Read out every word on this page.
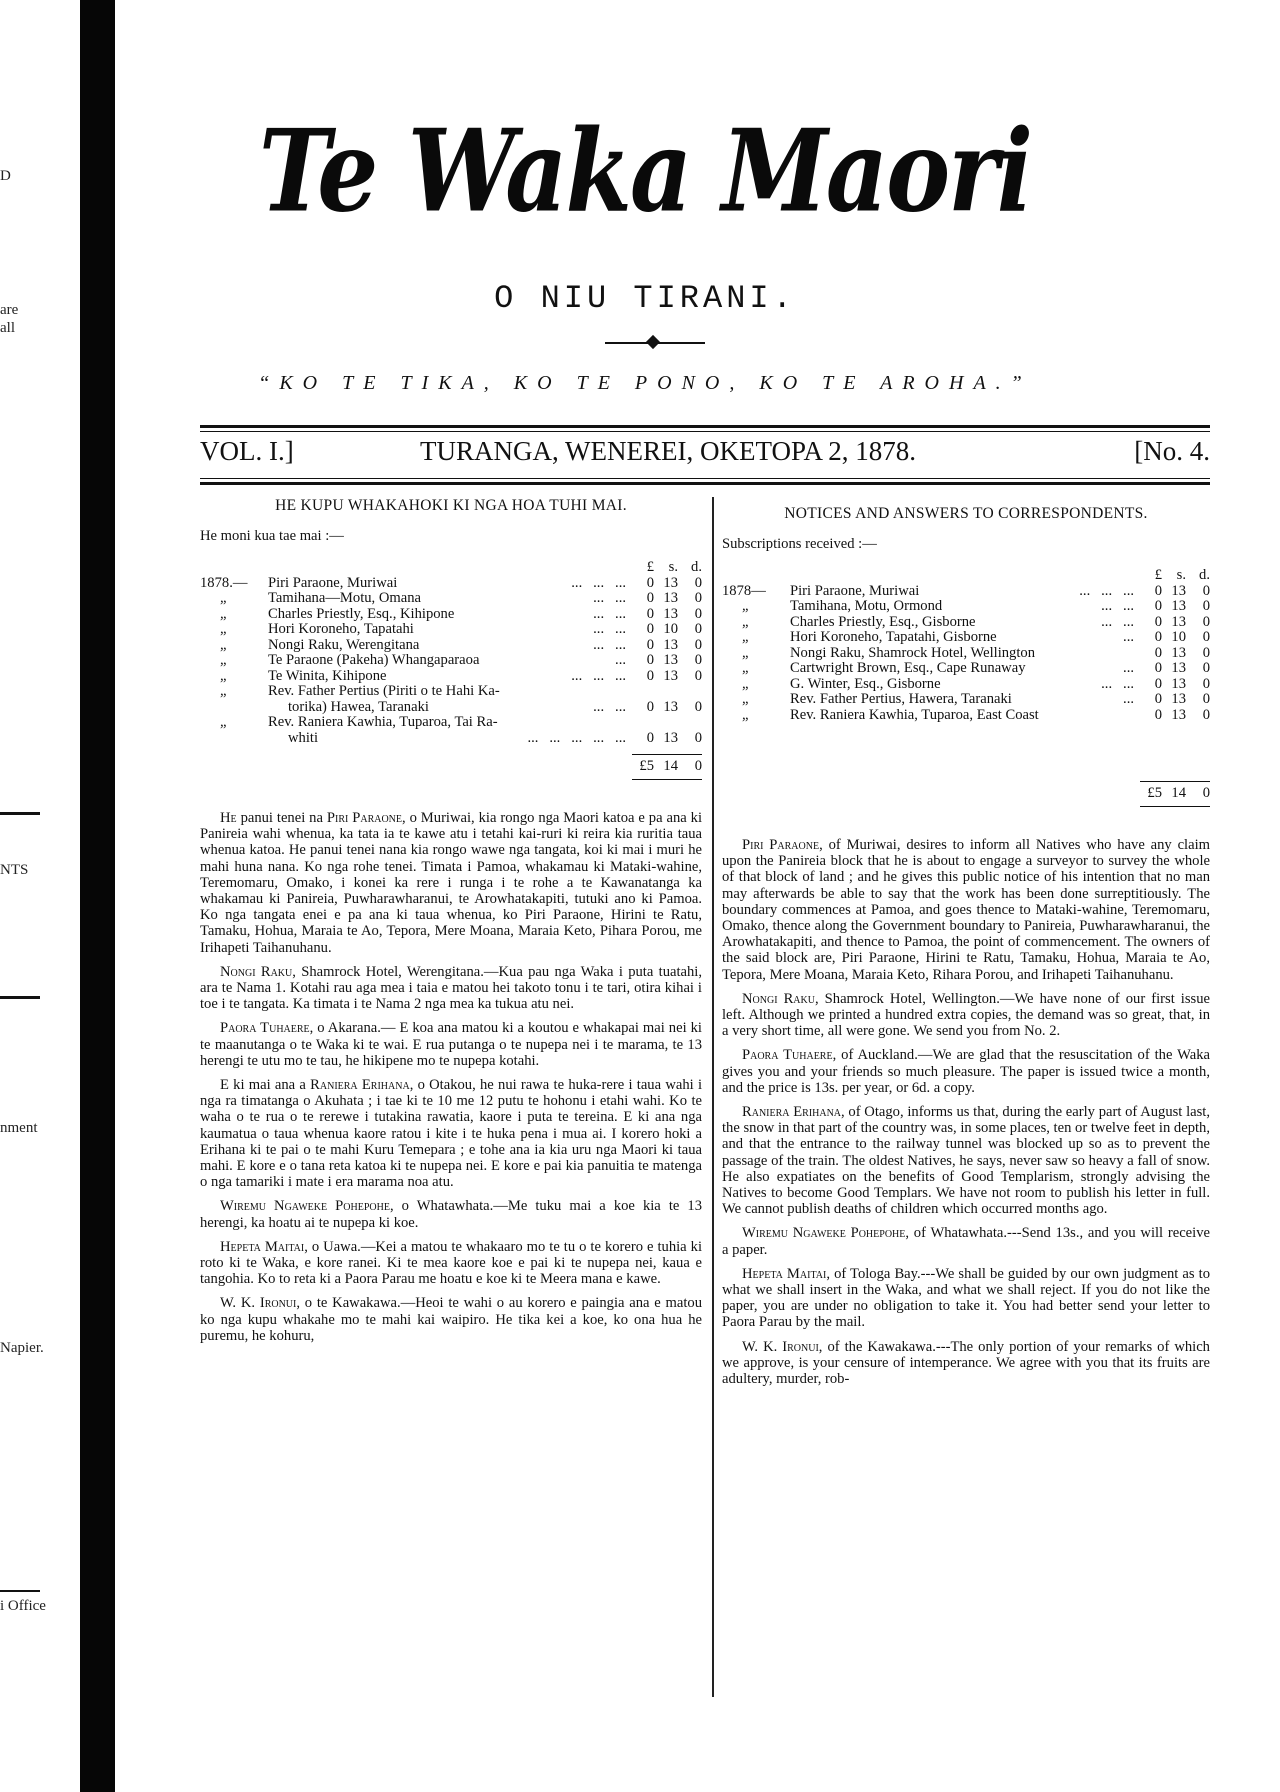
D
are
all
NTS
nment
Napier.
i Office
Te Waka Maori
O NIU TIRANI.
“KO TE TIKA, KO TE PONO, KO TE AROHA.”
VOL. I.]	TURANGA, WENEREI, OKETOPA 2, 1878.	[No. 4.
HE KUPU WHAKAHOKI KI NGA HOA TUHI MAI.
He moni kua tae mai :—
£	s. d.
1878.—	Piri Paraone, Muriwai	...   ...   ...	0 13	0
„	Tamihana—Motu, Omana	...   ...	0 13	0
„	Charles Priestly, Esq., Kihipone	...   ...	0 13	0
„	Hori Koroneho, Tapatahi	...   ...	0 10	0
„	Nongi Raku, Werengitana	...   ...	0 13	0
„	Te Paraone (Pakeha) Whangaparaoa	...	0 13	0
„	Te Winita, Kihipone	...   ...   ...	0 13	0
„	Rev. Father Pertius (Piriti o te Hahi Ka-
torika) Hawea, Taranaki	...   ...	0 13	0
„	Rev. Raniera Kawhia, Tuparoa, Tai Ra-
whiti	...   ...   ...   ...   ...	0 13	0
£5 14	0

He panui tenei na Piri Paraone, o Muriwai, kia rongo nga Maori katoa e pa ana ki Panireia wahi whenua, ka tata ia te kawe atu i tetahi kai-ruri ki reira kia ruritia taua whenua katoa. He panui tenei nana kia rongo wawe nga tangata, koi ki mai i muri he mahi huna nana. Ko nga rohe tenei. Timata i Pamoa, whakamau ki Mataki-wahine, Teremomaru, Omako, i konei ka rere i runga i te rohe a te Kawanatanga ka whakamau ki Panireia, Puwharawharanui, te Arowhatakapiti, tutuki ano ki Pamoa. Ko nga tangata enei e pa ana ki taua whenua, ko Piri Paraone, Hirini te Ratu, Tamaku, Hohua, Maraia te Ao, Tepora, Mere Moana, Maraia Keto, Pihara Porou, me Irihapeti Taihanuhanu.

Nongi Raku, Shamrock Hotel, Werengitana.—Kua pau nga Waka i puta tuatahi, ara te Nama 1. Kotahi rau aga mea i taia e matou hei takoto tonu i te tari, otira kihai i toe i te tangata. Ka timata i te Nama 2 nga mea ka tukua atu nei.

Paora Tuhaere, o Akarana.— E koa ana matou ki a koutou e whakapai mai nei ki te maanutanga o te Waka ki te wai. E rua putanga o te nupepa nei i te marama, te 13 herengi te utu mo te tau, he hikipene mo te nupepa kotahi.

E ki mai ana a Raniera Erihana, o Otakou, he nui rawa te huka-rere i taua wahi i nga ra timatanga o Akuhata ; i tae ki te 10 me 12 putu te hohonu i etahi wahi. Ko te waha o te rua o te rerewe i tutakina rawatia, kaore i puta te tereina. E ki ana nga kaumatua o taua whenua kaore ratou i kite i te huka pena i mua ai. I korero hoki a Erihana ki te pai o te mahi Kuru Temepara ; e tohe ana ia kia uru nga Maori ki taua mahi. E kore e o tana reta katoa ki te nupepa nei. E kore e pai kia panuitia te matenga o nga tamariki i mate i era marama noa atu.

Wiremu Ngaweke Pohepohe, o Whatawhata.—Me tuku mai a koe kia te 13 herengi, ka hoatu ai te nupepa ki koe.

Hepeta Maitai, o Uawa.—Kei a matou te whakaaro mo te tu o te korero e tuhia ki roto ki te Waka, e kore ranei. Ki te mea kaore koe e pai ki te nupepa nei, kaua e tangohia. Ko to reta ki a Paora Parau me hoatu e koe ki te Meera mana e kawe.

W. K. Ironui, o te Kawakawa.—Heoi te wahi o au korero e paingia ana e matou ko nga kupu whakahe mo te mahi kai waipiro. He tika kei a koe, ko ona hua he puremu, he kohuru,

NOTICES AND ANSWERS TO CORRESPONDENTS.
Subscriptions received :—
£	s. d.
1878—	Piri Paraone, Muriwai	...   ...   ...	0 13	0
„	Tamihana, Motu, Ormond	...   ...	0 13	0
„	Charles Priestly, Esq., Gisborne	...   ...	0 13	0
„	Hori Koroneho, Tapatahi, Gisborne	...	0 10	0
„	Nongi Raku, Shamrock Hotel, Wellington	0 13	0
„	Cartwright Brown, Esq., Cape Runaway	...	0 13	0
„	G. Winter, Esq., Gisborne	...   ...	0 13	0
„	Rev. Father Pertius, Hawera, Taranaki	...	0 13	0
„	Rev. Raniera Kawhia, Tuparoa, East Coast	0 13	0
£5 14	0

Piri Paraone, of Muriwai, desires to inform all Natives who have any claim upon the Panireia block that he is about to engage a surveyor to survey the whole of that block of land ; and he gives this public notice of his intention that no man may afterwards be able to say that the work has been done surreptitiously. The boundary commences at Pamoa, and goes thence to Mataki-wahine, Teremomaru, Omako, thence along the Government boundary to Panireia, Puwharawharanui, the Arowhatakapiti, and thence to Pamoa, the point of commencement. The owners of the said block are, Piri Paraone, Hirini te Ratu, Tamaku, Hohua, Maraia te Ao, Tepora, Mere Moana, Maraia Keto, Rihara Porou, and Irihapeti Taihanuhanu.

Nongi Raku, Shamrock Hotel, Wellington.—We have none of our first issue left. Although we printed a hundred extra copies, the demand was so great, that, in a very short time, all were gone. We send you from No. 2.

Paora Tuhaere, of Auckland.—We are glad that the resuscitation of the Waka gives you and your friends so much pleasure. The paper is issued twice a month, and the price is 13s. per year, or 6d. a copy.

Raniera Erihana, of Otago, informs us that, during the early part of August last, the snow in that part of the country was, in some places, ten or twelve feet in depth, and that the entrance to the railway tunnel was blocked up so as to prevent the passage of the train. The oldest Natives, he says, never saw so heavy a fall of snow. He also expatiates on the benefits of Good Templarism, strongly advising the Natives to become Good Templars. We have not room to publish his letter in full. We cannot publish deaths of children which occurred months ago.

Wiremu Ngaweke Pohepohe, of Whatawhata.---Send 13s., and you will receive a paper.

Hepeta Maitai, of Tologa Bay.---We shall be guided by our own judgment as to what we shall insert in the Waka, and what we shall reject. If you do not like the paper, you are under no obligation to take it. You had better send your letter to Paora Parau by the mail.

W. K. Ironui, of the Kawakawa.---The only portion of your remarks of which we approve, is your censure of intemperance. We agree with you that its fruits are adultery, murder, rob-
